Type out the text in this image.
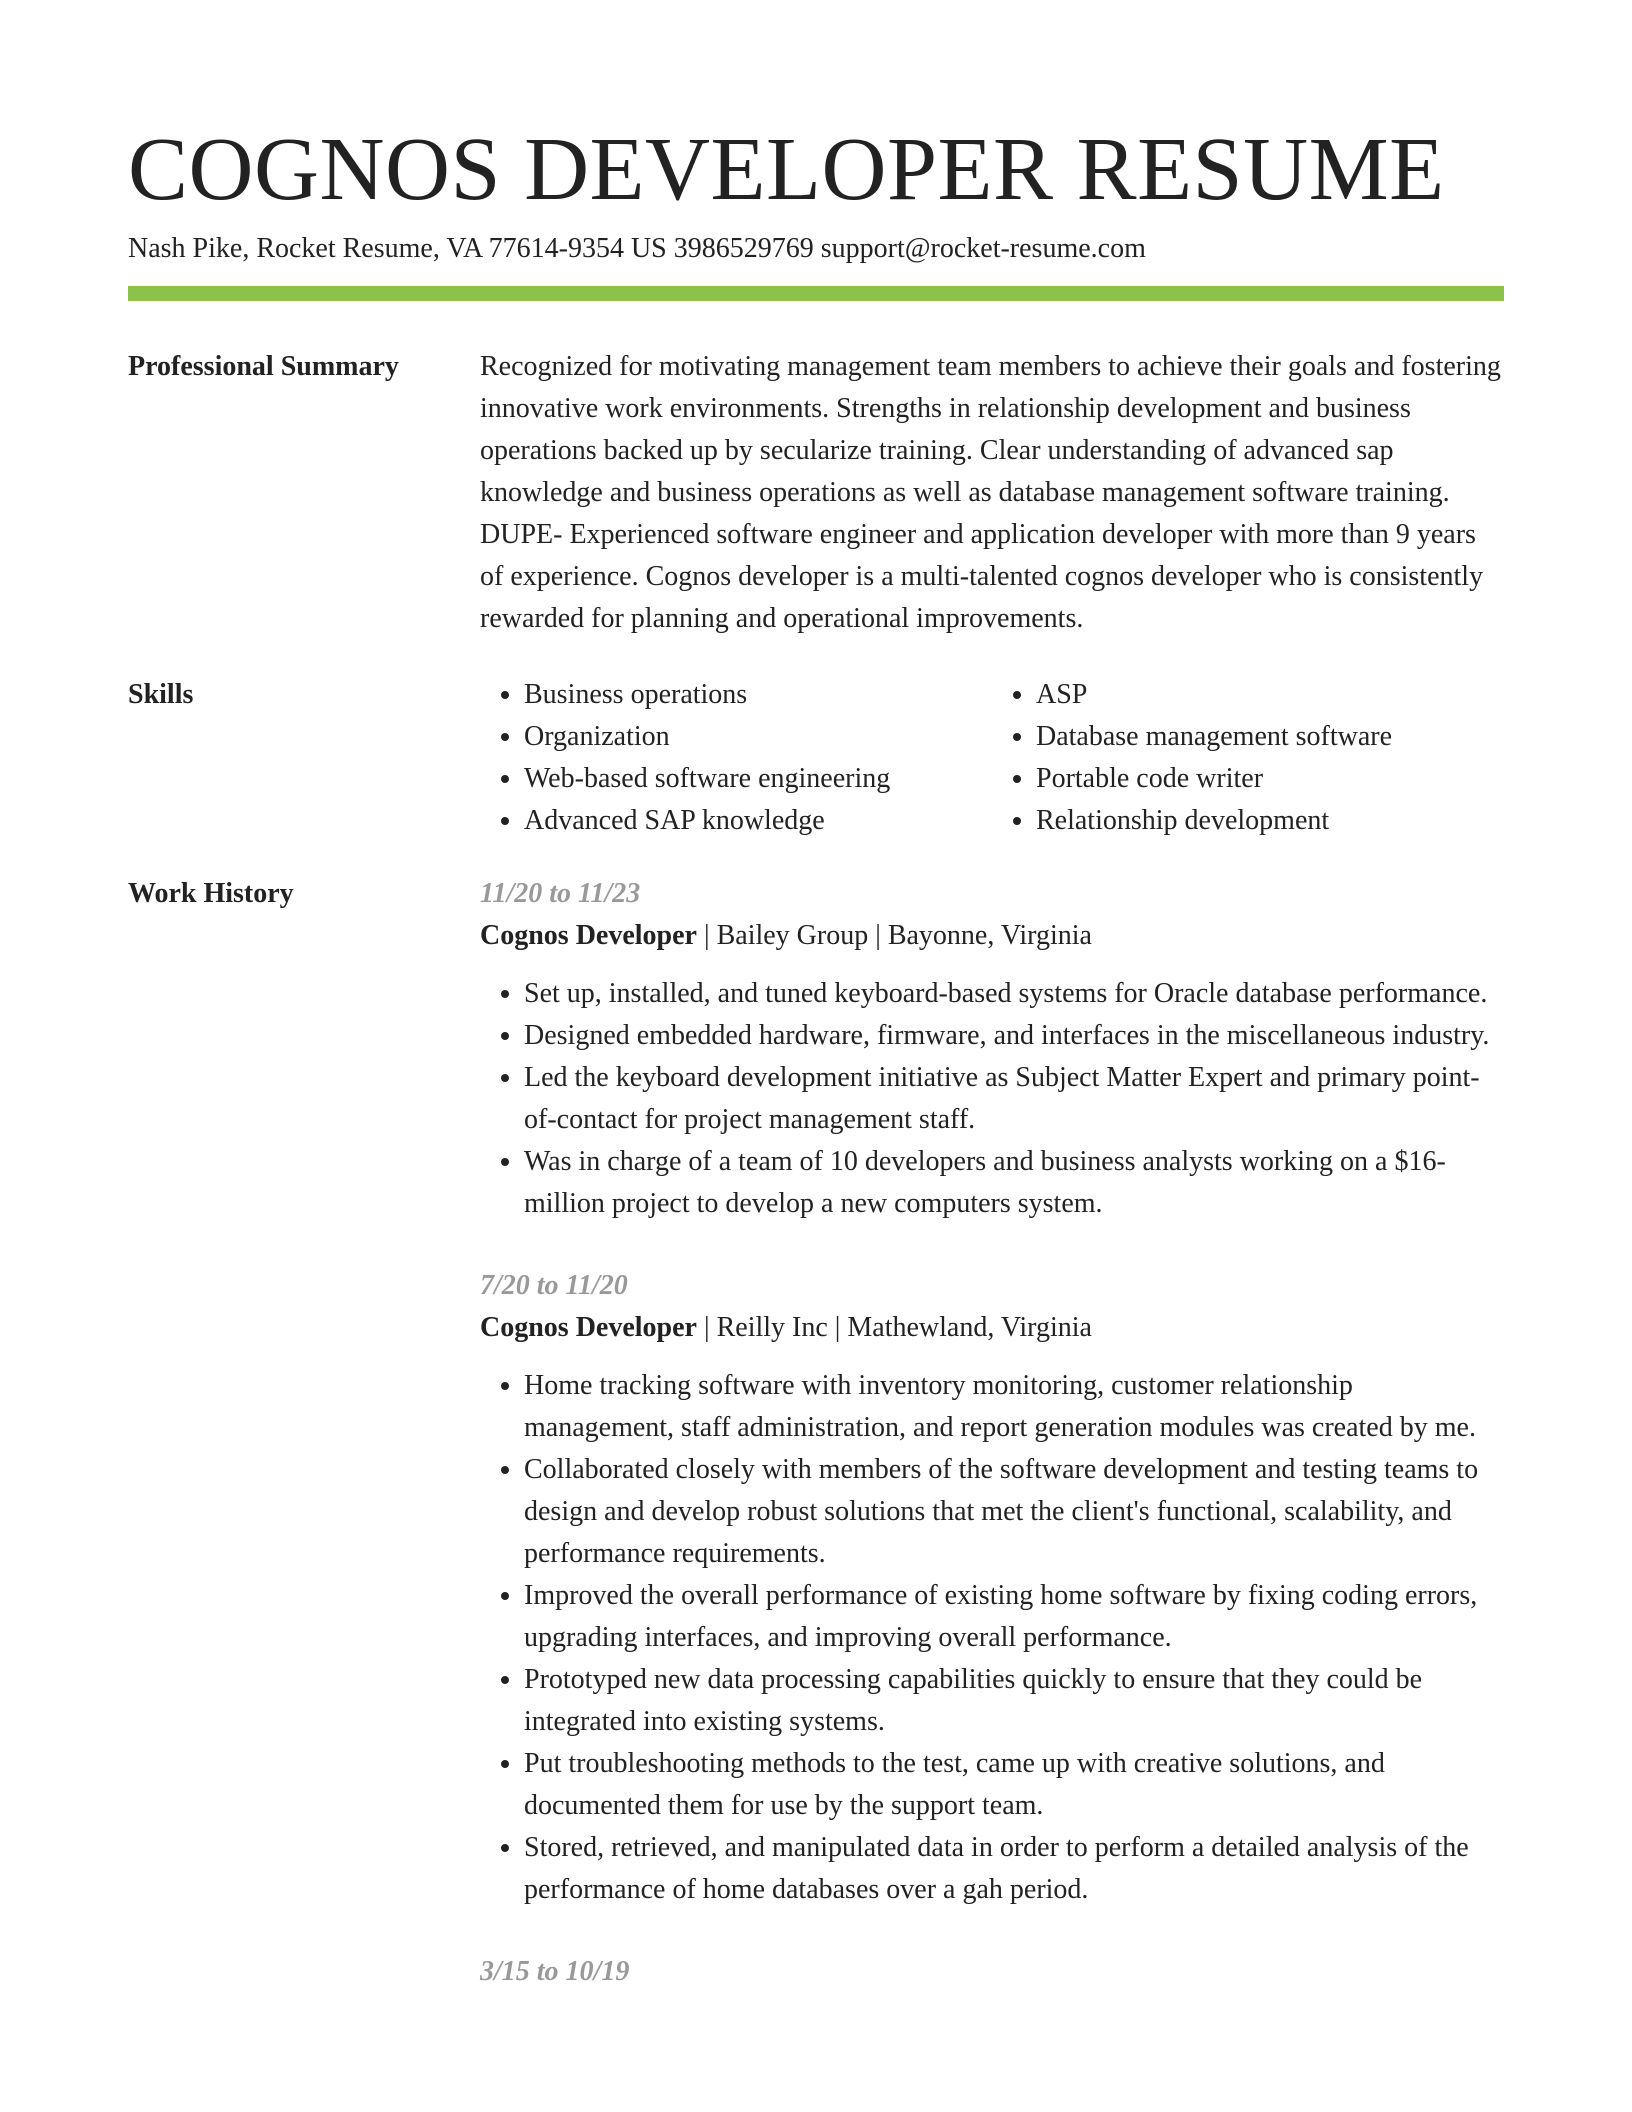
COGNOS DEVELOPER RESUME
Nash Pike, Rocket Resume, VA 77614-9354 US 3986529769 support@rocket-resume.com
Professional Summary	Recognized for motivating management team members to achieve their goals and fostering innovative work environments. Strengths in relationship development and business operations backed up by secularize training. Clear understanding of advanced sap knowledge and business operations as well as database management software training. DUPE- Experienced software engineer and application developer with more than 9 years of experience. Cognos developer is a multi-talented cognos developer who is consistently rewarded for planning and operational improvements.

Skills
•	Business operations
• Organization
• Web-based software engineering
• Advanced SAP knowledge
• ASP
• Database management software
• Portable code writer
• Relationship development
Work History	11/20 to 11/23
Cognos Developer | Bailey Group | Bayonne, Virginia
• Set up, installed, and tuned keyboard-based systems for Oracle database performance.
• Designed embedded hardware, firmware, and interfaces in the miscellaneous industry.
• Led the keyboard development initiative as Subject Matter Expert and primary point-of-contact for project management staff.
• Was in charge of a team of 10 developers and business analysts working on a $16-million project to develop a new computers system.
7/20 to 11/20
Cognos Developer | Reilly Inc | Mathewland, Virginia
• Home tracking software with inventory monitoring, customer relationship management, staff administration, and report generation modules was created by me.
• Collaborated closely with members of the software development and testing teams to design and develop robust solutions that met the client's functional, scalability, and performance requirements.
• Improved the overall performance of existing home software by fixing coding errors, upgrading interfaces, and improving overall performance.
• Prototyped new data processing capabilities quickly to ensure that they could be integrated into existing systems.
• Put troubleshooting methods to the test, came up with creative solutions, and documented them for use by the support team.
• Stored, retrieved, and manipulated data in order to perform a detailed analysis of the performance of home databases over a gah period.
3/15 to 10/19
